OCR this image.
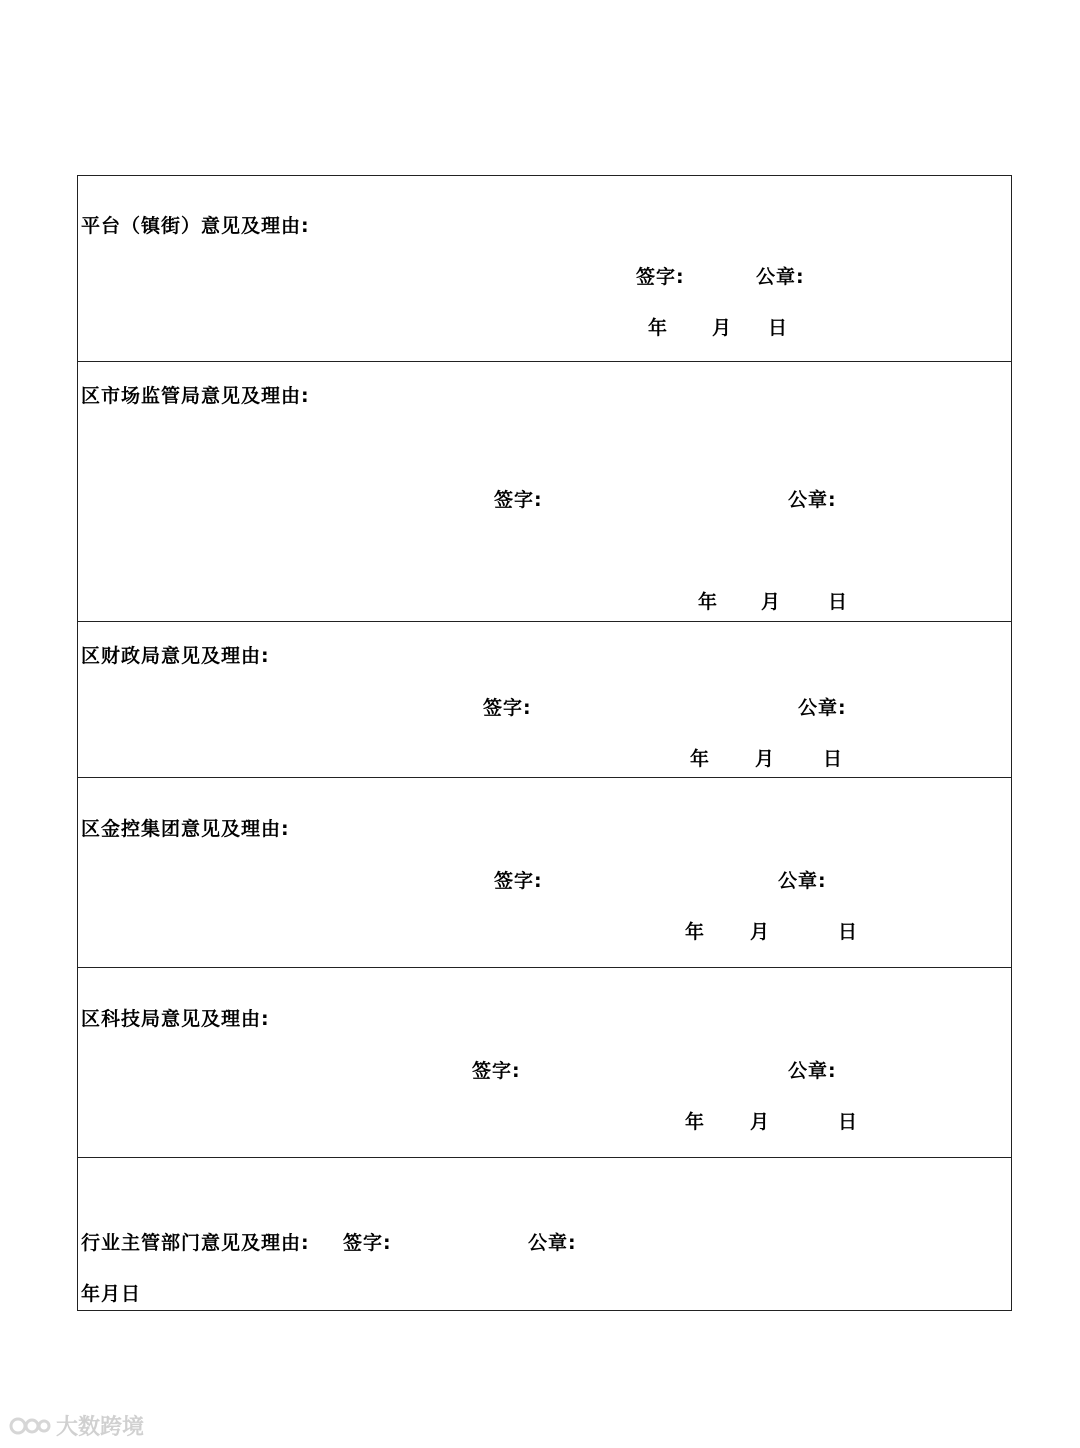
平台（镇街）意见及理由:
签字:	公章:
年 月 日
区市场监管局意见及理由:
签字:	公章:
年 月 日
区财政局意见及理由:
签字:	公章:
年 月	日
区金控集团意见及理由:
签字:	公章:
年 月	日
区科技局意见及理由:
签字:	公章:
年 月	日
行业主管部门意见及理由: 签字:	公章:
年月日
大数跨境
